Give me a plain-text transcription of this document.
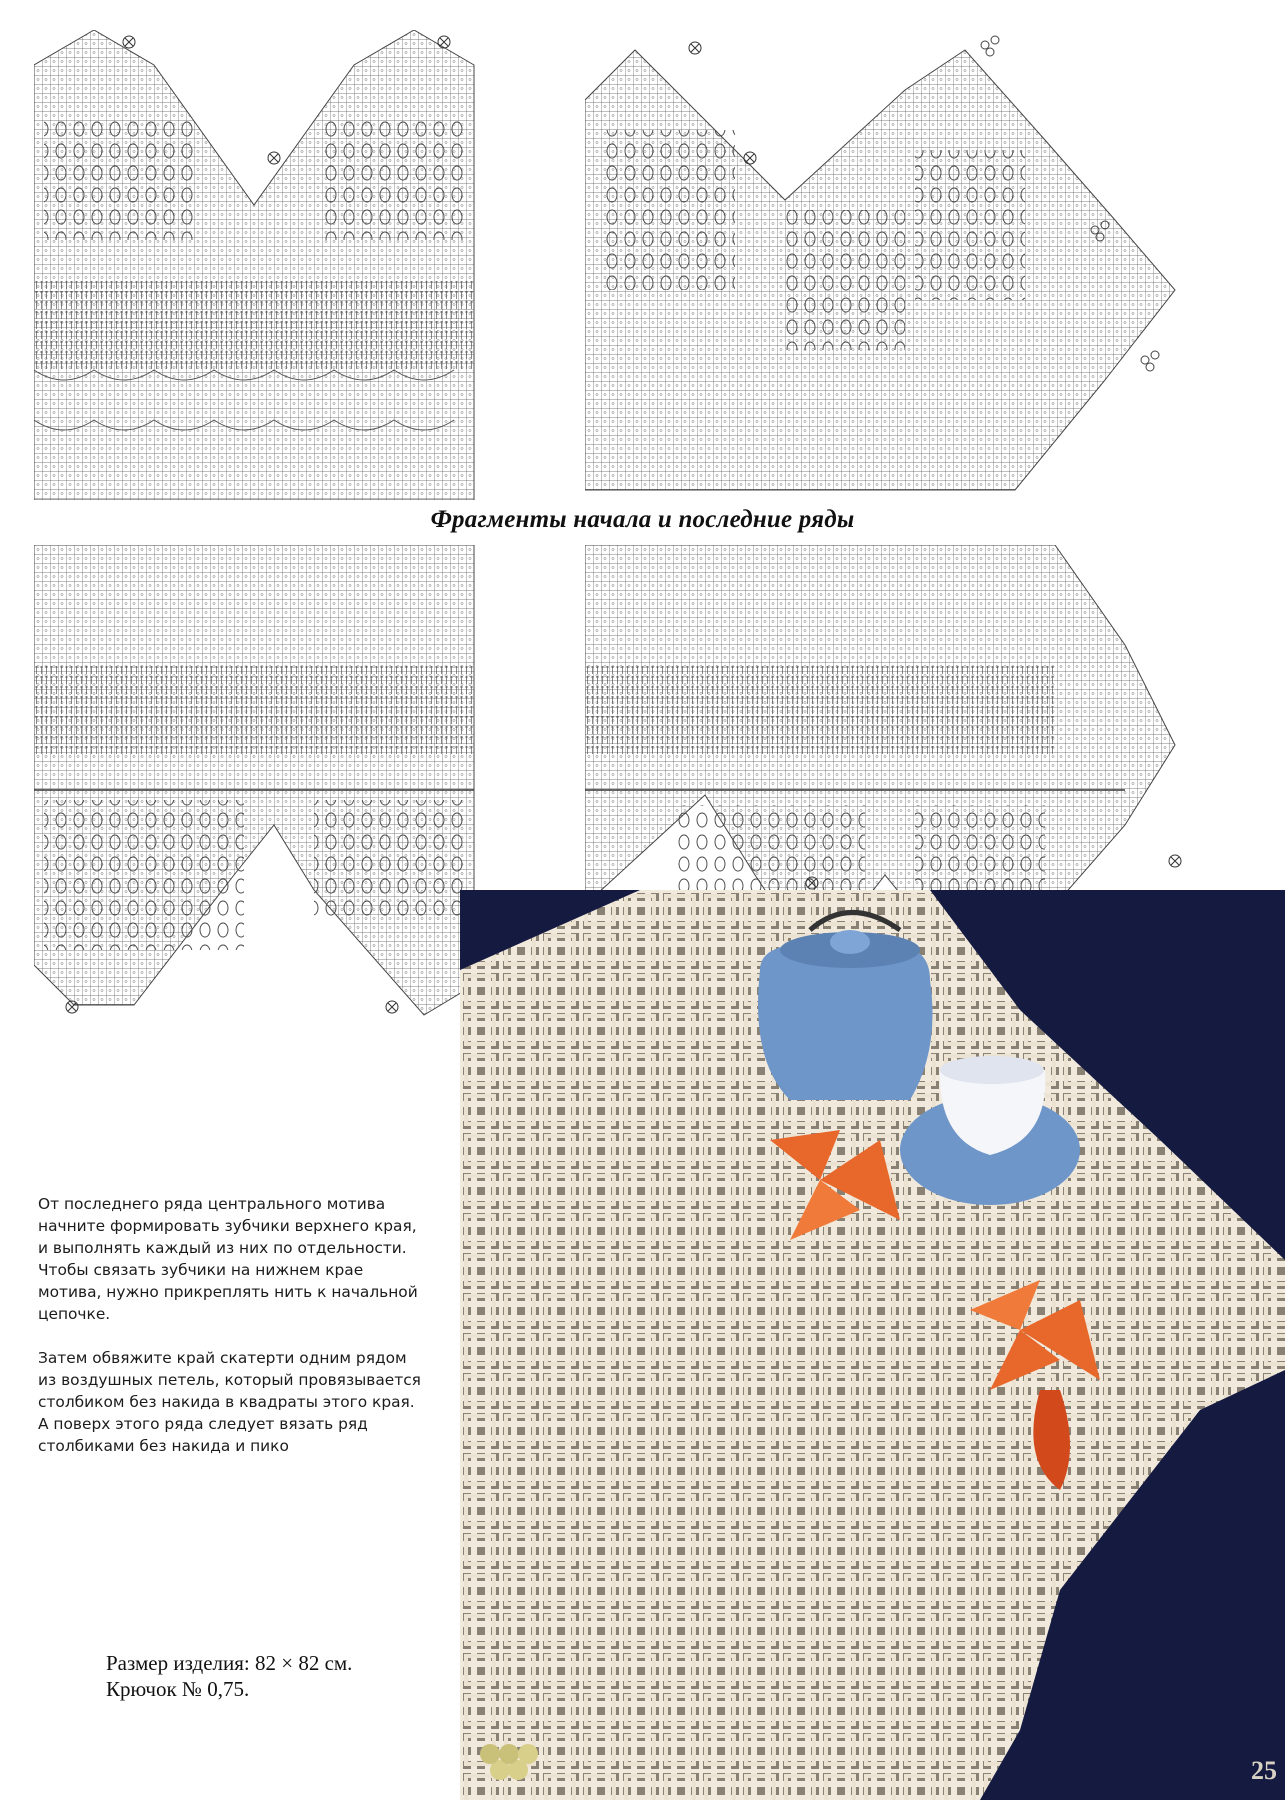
Фрагменты начала и последние ряды

От последнего ряда центрального мотива начните формировать зубчики верхнего края, и выполнять каждый из них по отдельности. Чтобы связать зубчики на нижнем крае мотива, нужно прикреплять нить к начальной цепочке.

Затем обвяжите край скатерти одним рядом из воздушных петель, который провязывается столбиком без накида в квадраты этого края. А поверх этого ряда следует вязать ряд столбиками без накида и пико

Размер изделия: 82 × 82 см.
Крючок № 0,75.
25
